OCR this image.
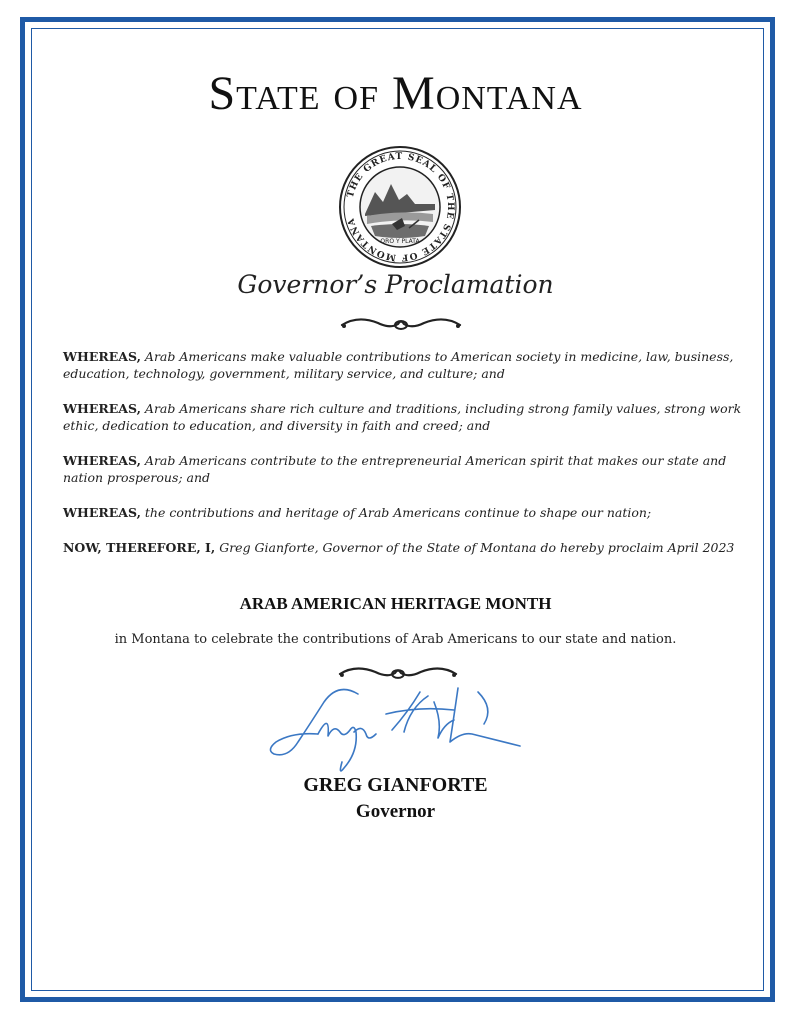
State of Montana
THE GREAT SEAL OF THE STATE OF MONTANA
ORO Y PLATA
Governor’s Proclamation

WHEREAS, Arab Americans make valuable contributions to American society in medicine, law, business, education, technology, government, military service, and culture; and

WHEREAS, Arab Americans share rich culture and traditions, including strong family values, strong work ethic, dedication to education, and diversity in faith and creed; and

WHEREAS, Arab Americans contribute to the entrepreneurial American spirit that makes our state and nation prosperous; and

WHEREAS, the contributions and heritage of Arab Americans continue to shape our nation;

NOW, THEREFORE, I, Greg Gianforte, Governor of the State of Montana do hereby proclaim April 2023

ARAB AMERICAN HERITAGE MONTH
in Montana to celebrate the contributions of Arab Americans to our state and nation.
GREG GIANFORTE
Governor
